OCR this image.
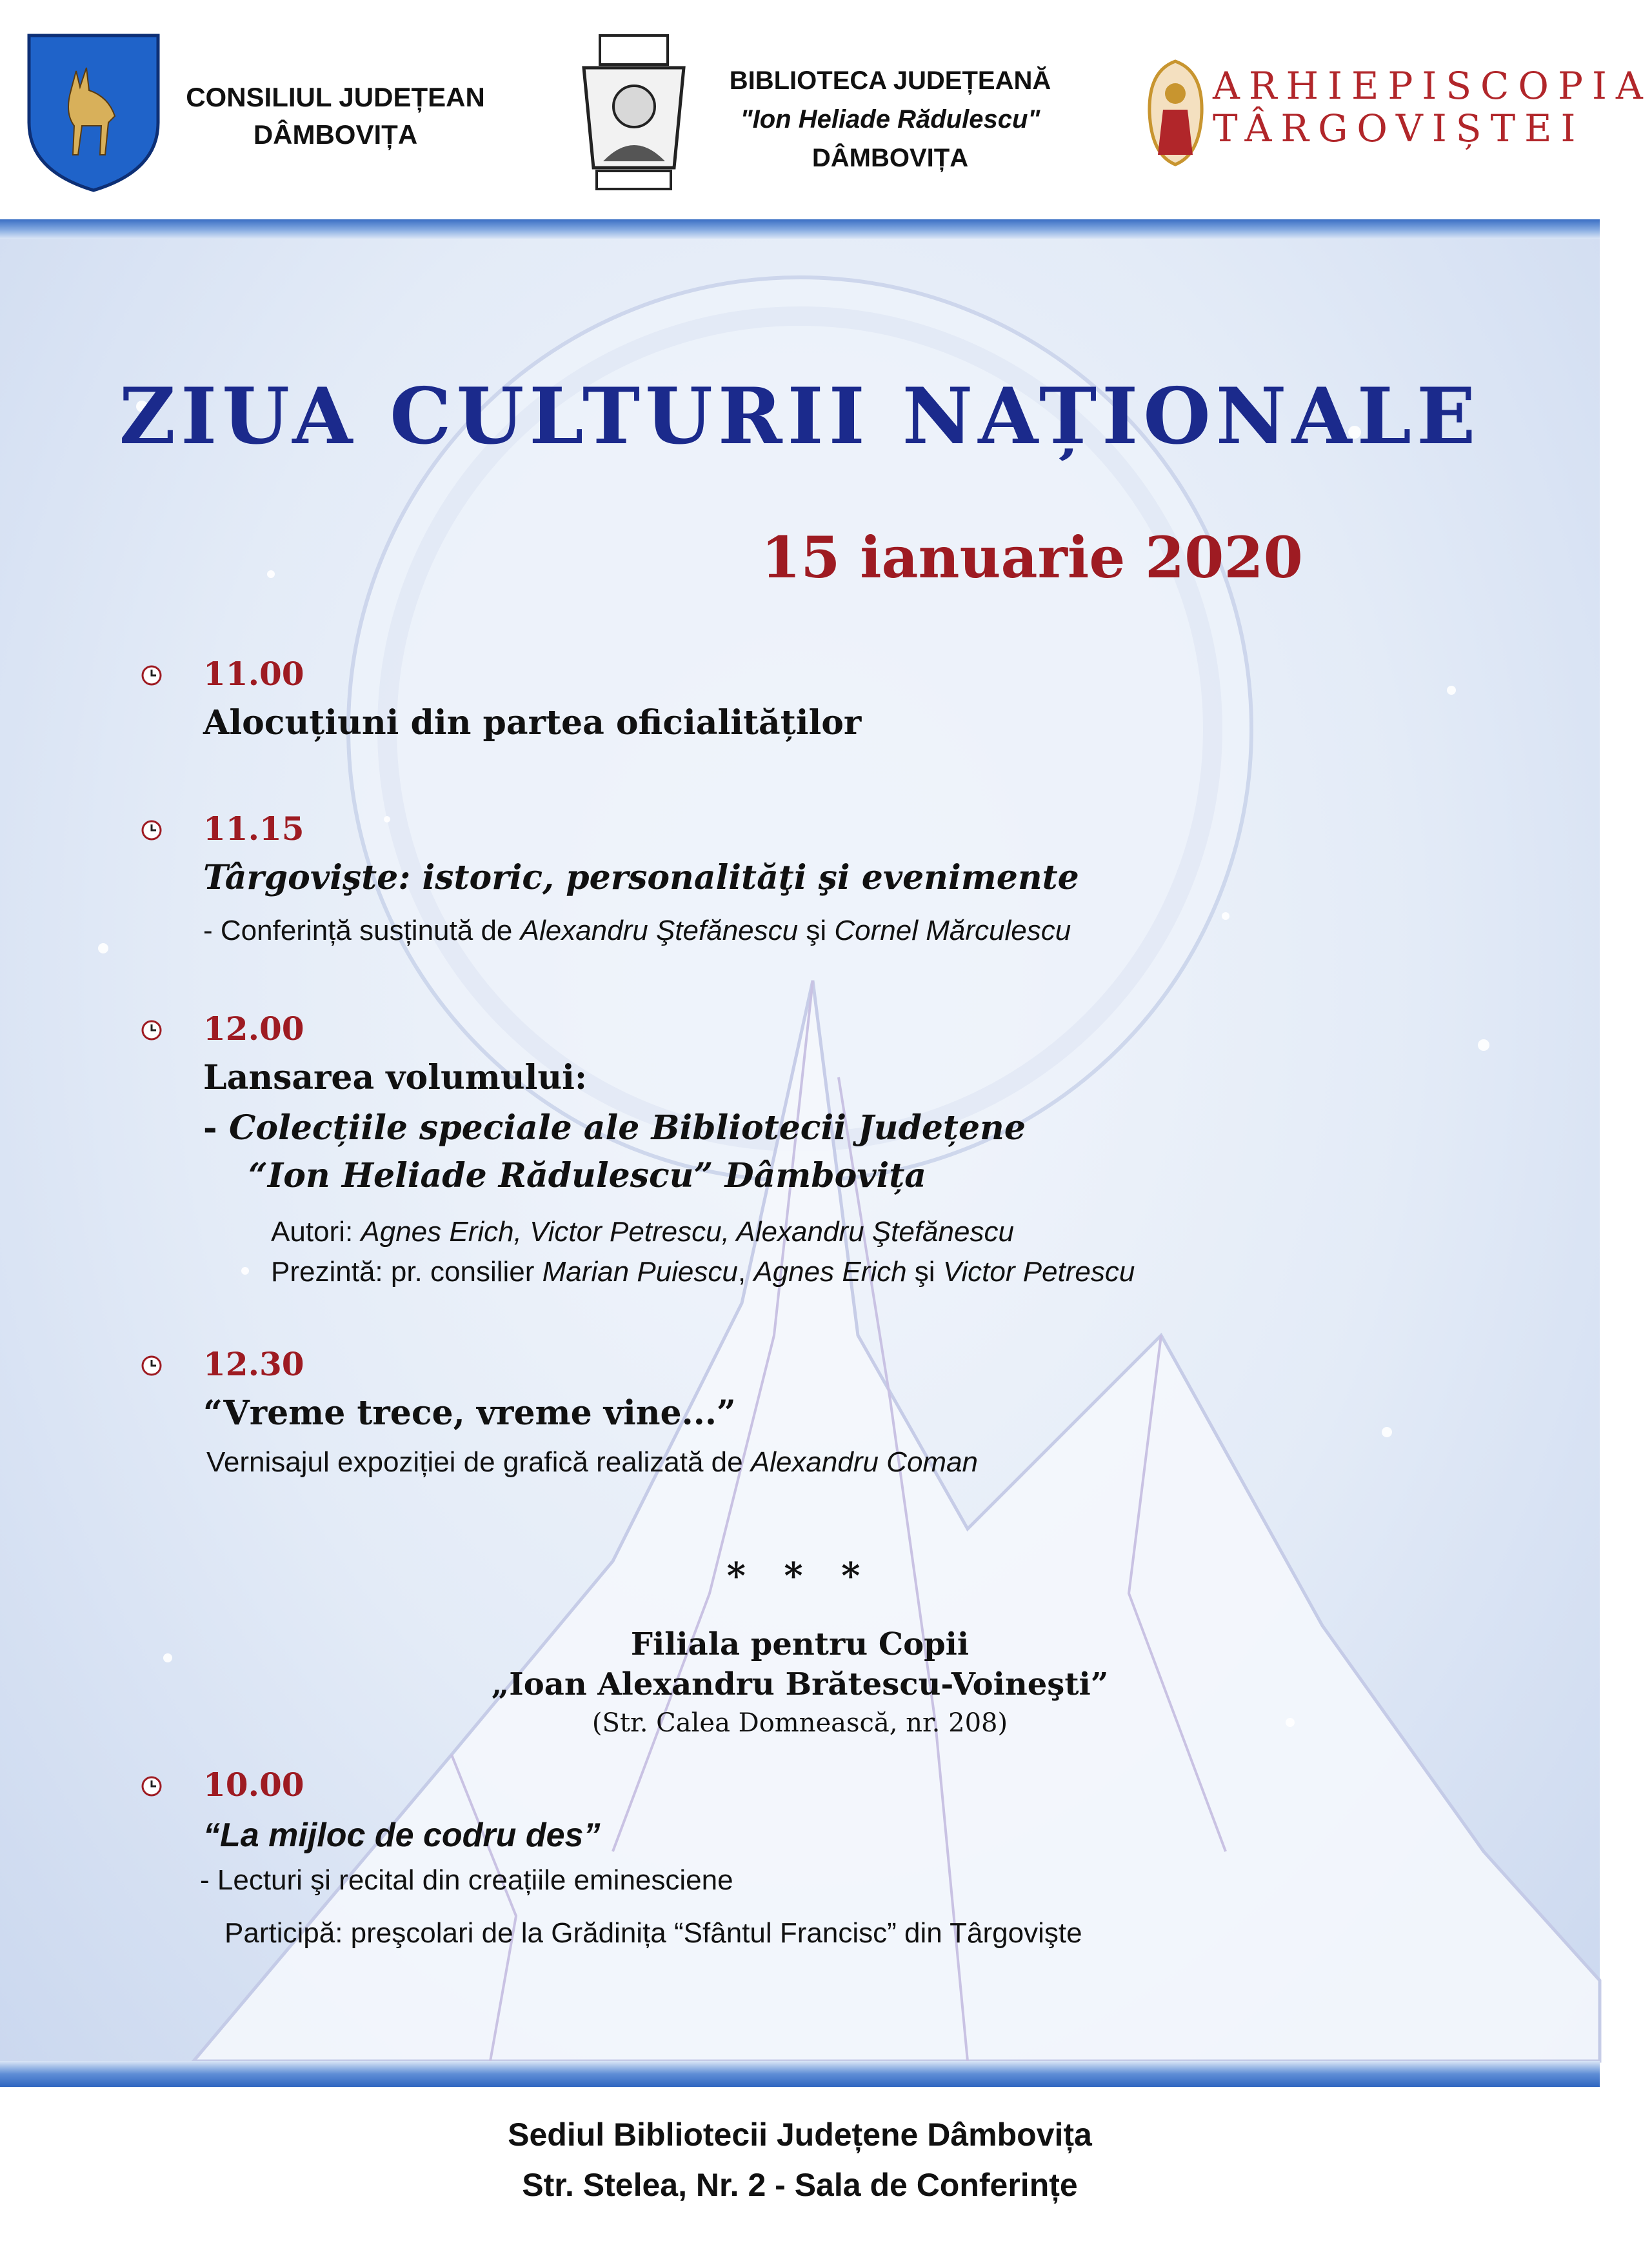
CONSILIUL JUDEȚEAN
DÂMBOVIȚA
BIBLIOTECA JUDEȚEANĂ
"Ion Heliade Rădulescu"
DÂMBOVIȚA
ARHIEPISCOPIA
TÂRGOVIȘTEI
ZIUA CULTURII NAȚIONALE
15 ianuarie 2020
11.00
Alocuțiuni din partea oficialităților
11.15
Târgovişte: istoric, personalităţi şi evenimente
- Conferință susținută de Alexandru Ştefănescu şi Cornel Mărculescu
12.00
Lansarea volumului:
- Colecțiile speciale ale Bibliotecii Județene
“Ion Heliade Rădulescu” Dâmbovița
Autori: Agnes Erich, Victor Petrescu, Alexandru Ştefănescu
Prezintă: pr. consilier Marian Puiescu, Agnes Erich şi Victor Petrescu
12.30
“Vreme trece, vreme vine...”
Vernisajul expoziției de grafică realizată de Alexandru Coman
* * *
Filiala pentru Copii
„Ioan Alexandru Brătescu-Voineşti”
(Str. Calea Domnească, nr. 208)
10.00
“La mijloc de codru des”
- Lecturi şi recital din creațiile eminesciene
Participă: preşcolari de la Grădinița “Sfântul Francisc” din Târgovişte
Sediul Bibliotecii Județene Dâmbovița
Str. Stelea, Nr. 2 - Sala de Conferințe
